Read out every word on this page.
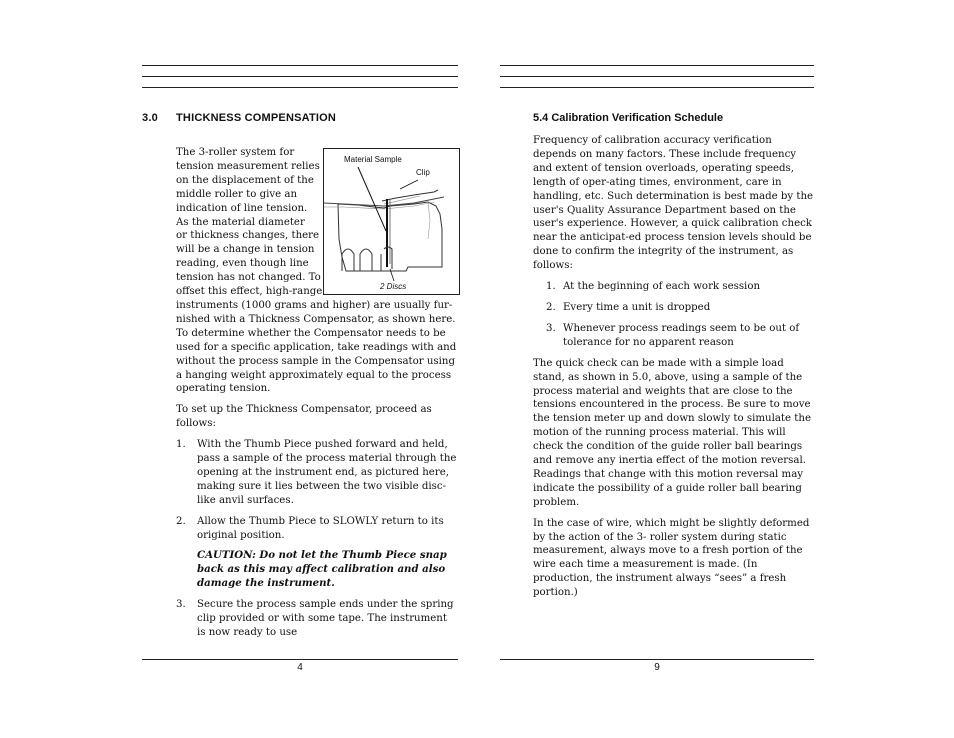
3.0 THICKNESS COMPENSATION
The 3-roller system for
tension measurement relies
on the displacement of the
middle roller to give an
indication of line tension.
As the material diameter
or thickness changes, there
will be a change in tension
reading, even though line
tension has not changed. To
offset this effect, high-range

instruments (1000 grams and higher) are usually fur-nished with a Thickness Compensator, as shown here. To determine whether the Compensator needs to be used for a specific application, take readings with and without the process sample in the Compensator using a hanging weight approximately equal to the process operating tension.

To set up the Thickness Compensator, proceed as follows:

1. With the Thumb Piece pushed forward and held, pass a sample of the process material through the opening at the instrument end, as pictured here, making sure it lies between the two visible disc-like anvil surfaces.
2. Allow the Thumb Piece to SLOWLY return to its original position.

CAUTION: Do not let the Thumb Piece snap back as this may affect calibration and also damage the instrument.

3. Secure the process sample ends under the spring clip provided or with some tape. The instrument is now ready to use
Material Sample
Clip
2 Discs
4
5.4 Calibration Verification Schedule

Frequency of calibration accuracy verification depends on many factors. These include frequency and extent of tension overloads, operating speeds, length of oper-ating times, environment, care in handling, etc. Such determination is best made by the user's Quality Assurance Department based on the user's experience. However, a quick calibration check near the anticipat-ed process tension levels should be done to confirm the integrity of the instrument, as follows:

1. At the beginning of each work session
2. Every time a unit is dropped
3. Whenever process readings seem to be out of tolerance for no apparent reason

The quick check can be made with a simple load stand, as shown in 5.0, above, using a sample of the process material and weights that are close to the tensions encountered in the process. Be sure to move the tension meter up and down slowly to simulate the motion of the running process material. This will check the condition of the guide roller ball bearings and remove any inertia effect of the motion reversal. Readings that change with this motion reversal may indicate the possibility of a guide roller ball bearing problem.

In the case of wire, which might be slightly deformed by the action of the 3- roller system during static measurement, always move to a fresh portion of the wire each time a measurement is made. (In production, the instrument always “sees” a fresh portion.)

9
